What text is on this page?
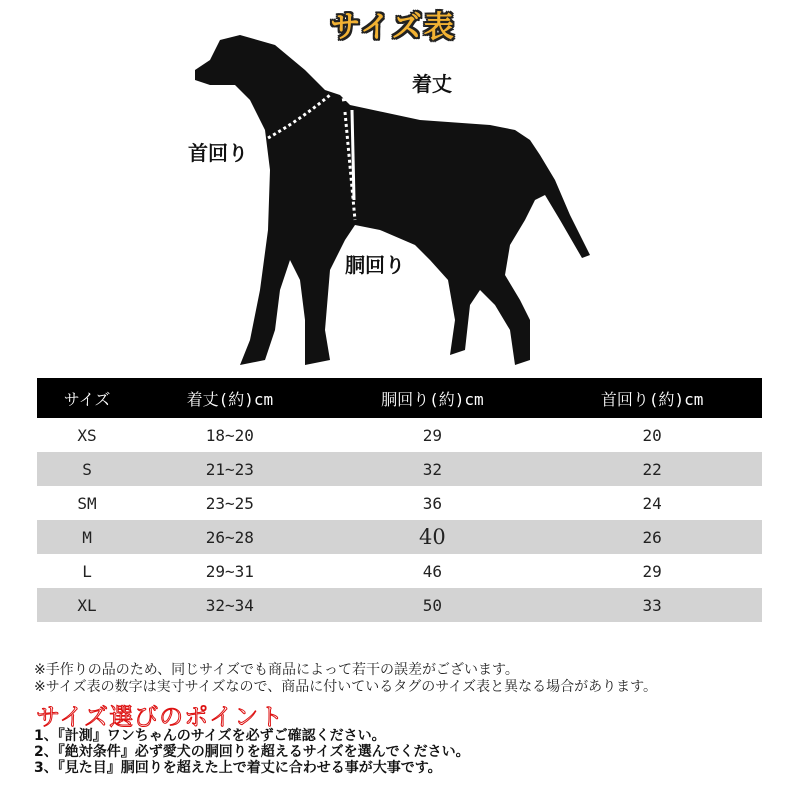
サイズ表
着丈
首回り
胴回り
サイズ	着丈(約)cm	胴回り(約)cm	首回り(約)cm
XS	18~20	29	20
S	21~23	32	22
SM	23~25	36	24
M	26~28	40	26
L	29~31	46	29
XL	32~34	50	33
※手作りの品のため、同じサイズでも商品によって若干の誤差がございます。
※サイズ表の数字は実寸サイズなので、商品に付いているタグのサイズ表と異なる場合があります。
サイズ選びのポイント
1、『計測』ワンちゃんのサイズを必ずご確認ください。
2、『絶対条件』必ず愛犬の胴回りを超えるサイズを選んでください。
3、『見た目』胴回りを超えた上で着丈に合わせる事が大事です。
